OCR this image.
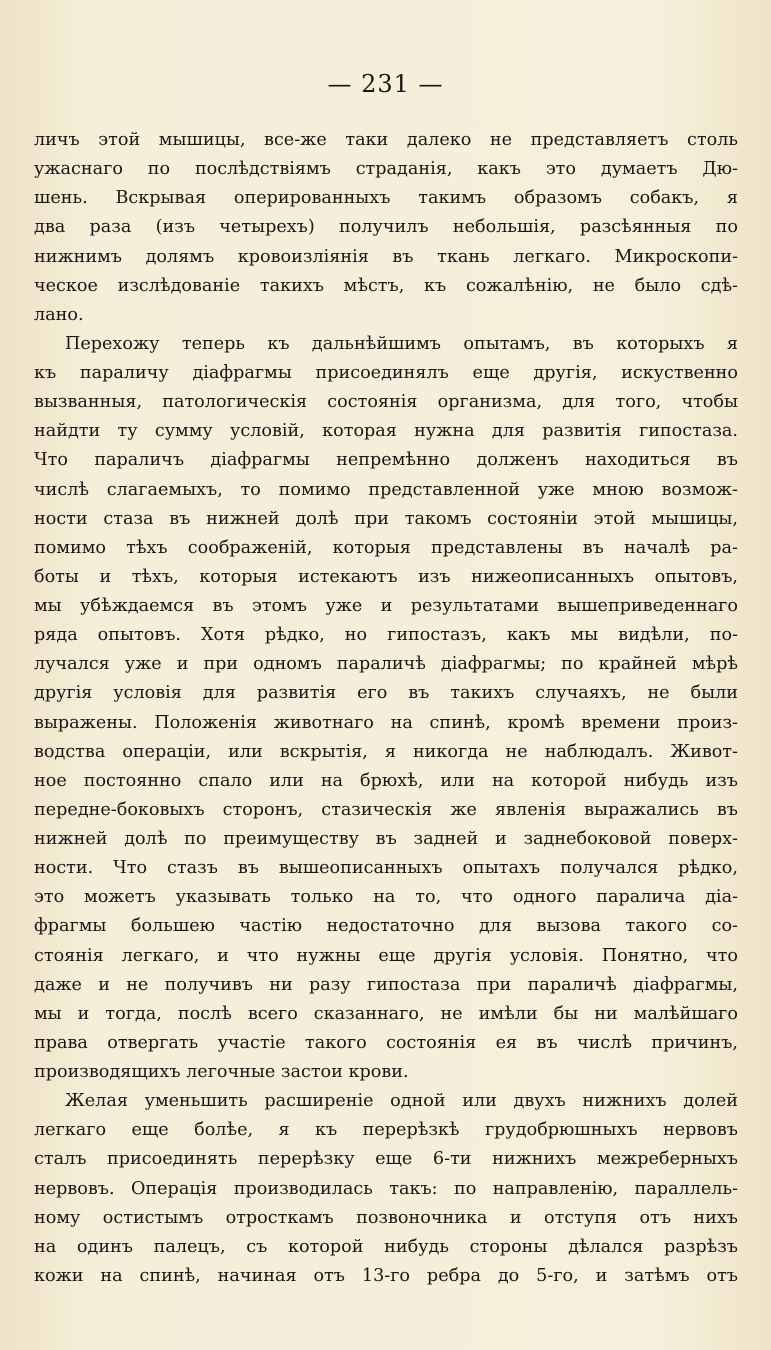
— 231 —
личъ этой мышицы, все-же таки далеко не представляетъ столь
ужаснаго по послѣдствіямъ страданія, какъ это думаетъ Дю-
шень. Вскрывая оперированныхъ такимъ образомъ собакъ, я
два раза (изъ четырехъ) получилъ небольшія, разсѣянныя по
нижнимъ долямъ кровоизліянія въ ткань легкаго. Микроскопи-
ческое изслѣдованіе такихъ мѣстъ, къ сожалѣнію, не было сдѣ-
лано.
Перехожу теперь къ дальнѣйшимъ опытамъ, въ которыхъ я
къ параличу діафрагмы присоединялъ еще другія, искуственно
вызванныя, патологическія состоянія организма, для того, чтобы
найдти ту сумму условій, которая нужна для развитія гипостаза.
Что параличъ діафрагмы непремѣнно долженъ находиться въ
числѣ слагаемыхъ, то помимо представленной уже мною возмож-
ности стаза въ нижней долѣ при такомъ состояніи этой мышицы,
помимо тѣхъ соображеній, которыя представлены въ началѣ ра-
боты и тѣхъ, которыя истекаютъ изъ нижеописанныхъ опытовъ,
мы убѣждаемся въ этомъ уже и результатами вышеприведеннаго
ряда опытовъ. Хотя рѣдко, но гипостазъ, какъ мы видѣли, по-
лучался уже и при одномъ параличѣ діафрагмы; по крайней мѣрѣ
другія условія для развитія его въ такихъ случаяхъ, не были
выражены. Положенія животнаго на спинѣ, кромѣ времени произ-
водства операціи, или вскрытія, я никогда не наблюдалъ. Живот-
ное постоянно спало или на брюхѣ, или на которой нибудь изъ
передне-боковыхъ сторонъ, стазическія же явленія выражались въ
нижней долѣ по преимуществу въ задней и заднебоковой поверх-
ности. Что стазъ въ вышеописанныхъ опытахъ получался рѣдко,
это можетъ указывать только на то, что одного паралича діа-
фрагмы большею частію недостаточно для вызова такого со-
стоянія легкаго, и что нужны еще другія условія. Понятно, что
даже и не получивъ ни разу гипостаза при параличѣ діафрагмы,
мы и тогда, послѣ всего сказаннаго, не имѣли бы ни малѣйшаго
права отвергать участіе такого состоянія ея въ числѣ причинъ,
производящихъ легочные застои крови.
Желая уменьшить расширеніе одной или двухъ нижнихъ долей
легкаго еще болѣе, я къ перерѣзкѣ грудобрюшныхъ нервовъ
сталъ присоединять перерѣзку еще 6-ти нижнихъ межреберныхъ
нервовъ. Операція производилась такъ: по направленію, параллель-
ному остистымъ отросткамъ позвоночника и отступя отъ нихъ
на одинъ палецъ, съ которой нибудь стороны дѣлался разрѣзъ
кожи на спинѣ, начиная отъ 13-го ребра до 5-го, и затѣмъ отъ
